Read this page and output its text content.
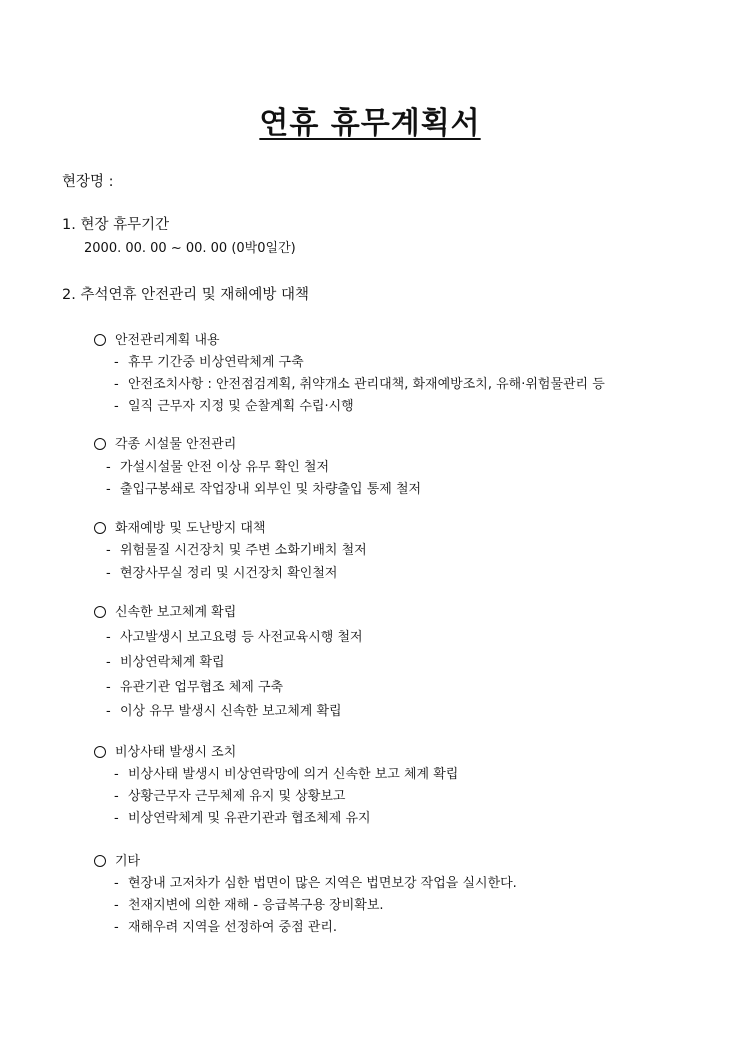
연휴 휴무계획서
현장명 :
1. 현장 휴무기간
2000. 00. 00 ~ 00. 00 (0박0일간)
2. 추석연휴 안전관리 및 재해예방 대책
안전관리계획 내용
- 휴무 기간중 비상연락체계 구축
- 안전조치사항 : 안전점검계획, 취약개소 관리대책, 화재예방조치, 유해·위험물관리 등
- 일직 근무자 지정 및 순찰계획 수립·시행
각종 시설물 안전관리
- 가설시설물 안전 이상 유무 확인 철저
- 출입구봉쇄로 작업장내 외부인 및 차량출입 통제 철저
화재예방 및 도난방지 대책
- 위험물질 시건장치 및 주변 소화기배치 철저
- 현장사무실 정리 및 시건장치 확인철저
신속한 보고체계 확립
- 사고발생시 보고요령 등 사전교육시행 철저
- 비상연락체계 확립
- 유관기관 업무협조 체제 구축
- 이상 유무 발생시 신속한 보고체계 확립
비상사태 발생시 조치
- 비상사태 발생시 비상연락망에 의거 신속한 보고 체계 확립
- 상황근무자 근무체제 유지 및 상황보고
- 비상연락체계 및 유관기관과 협조체제 유지
기타
- 현장내 고저차가 심한 법면이 많은 지역은 법면보강 작업을 실시한다.
- 천재지변에 의한 재해 - 응급복구용 장비확보.
- 재해우려 지역을 선정하여 중점 관리.
